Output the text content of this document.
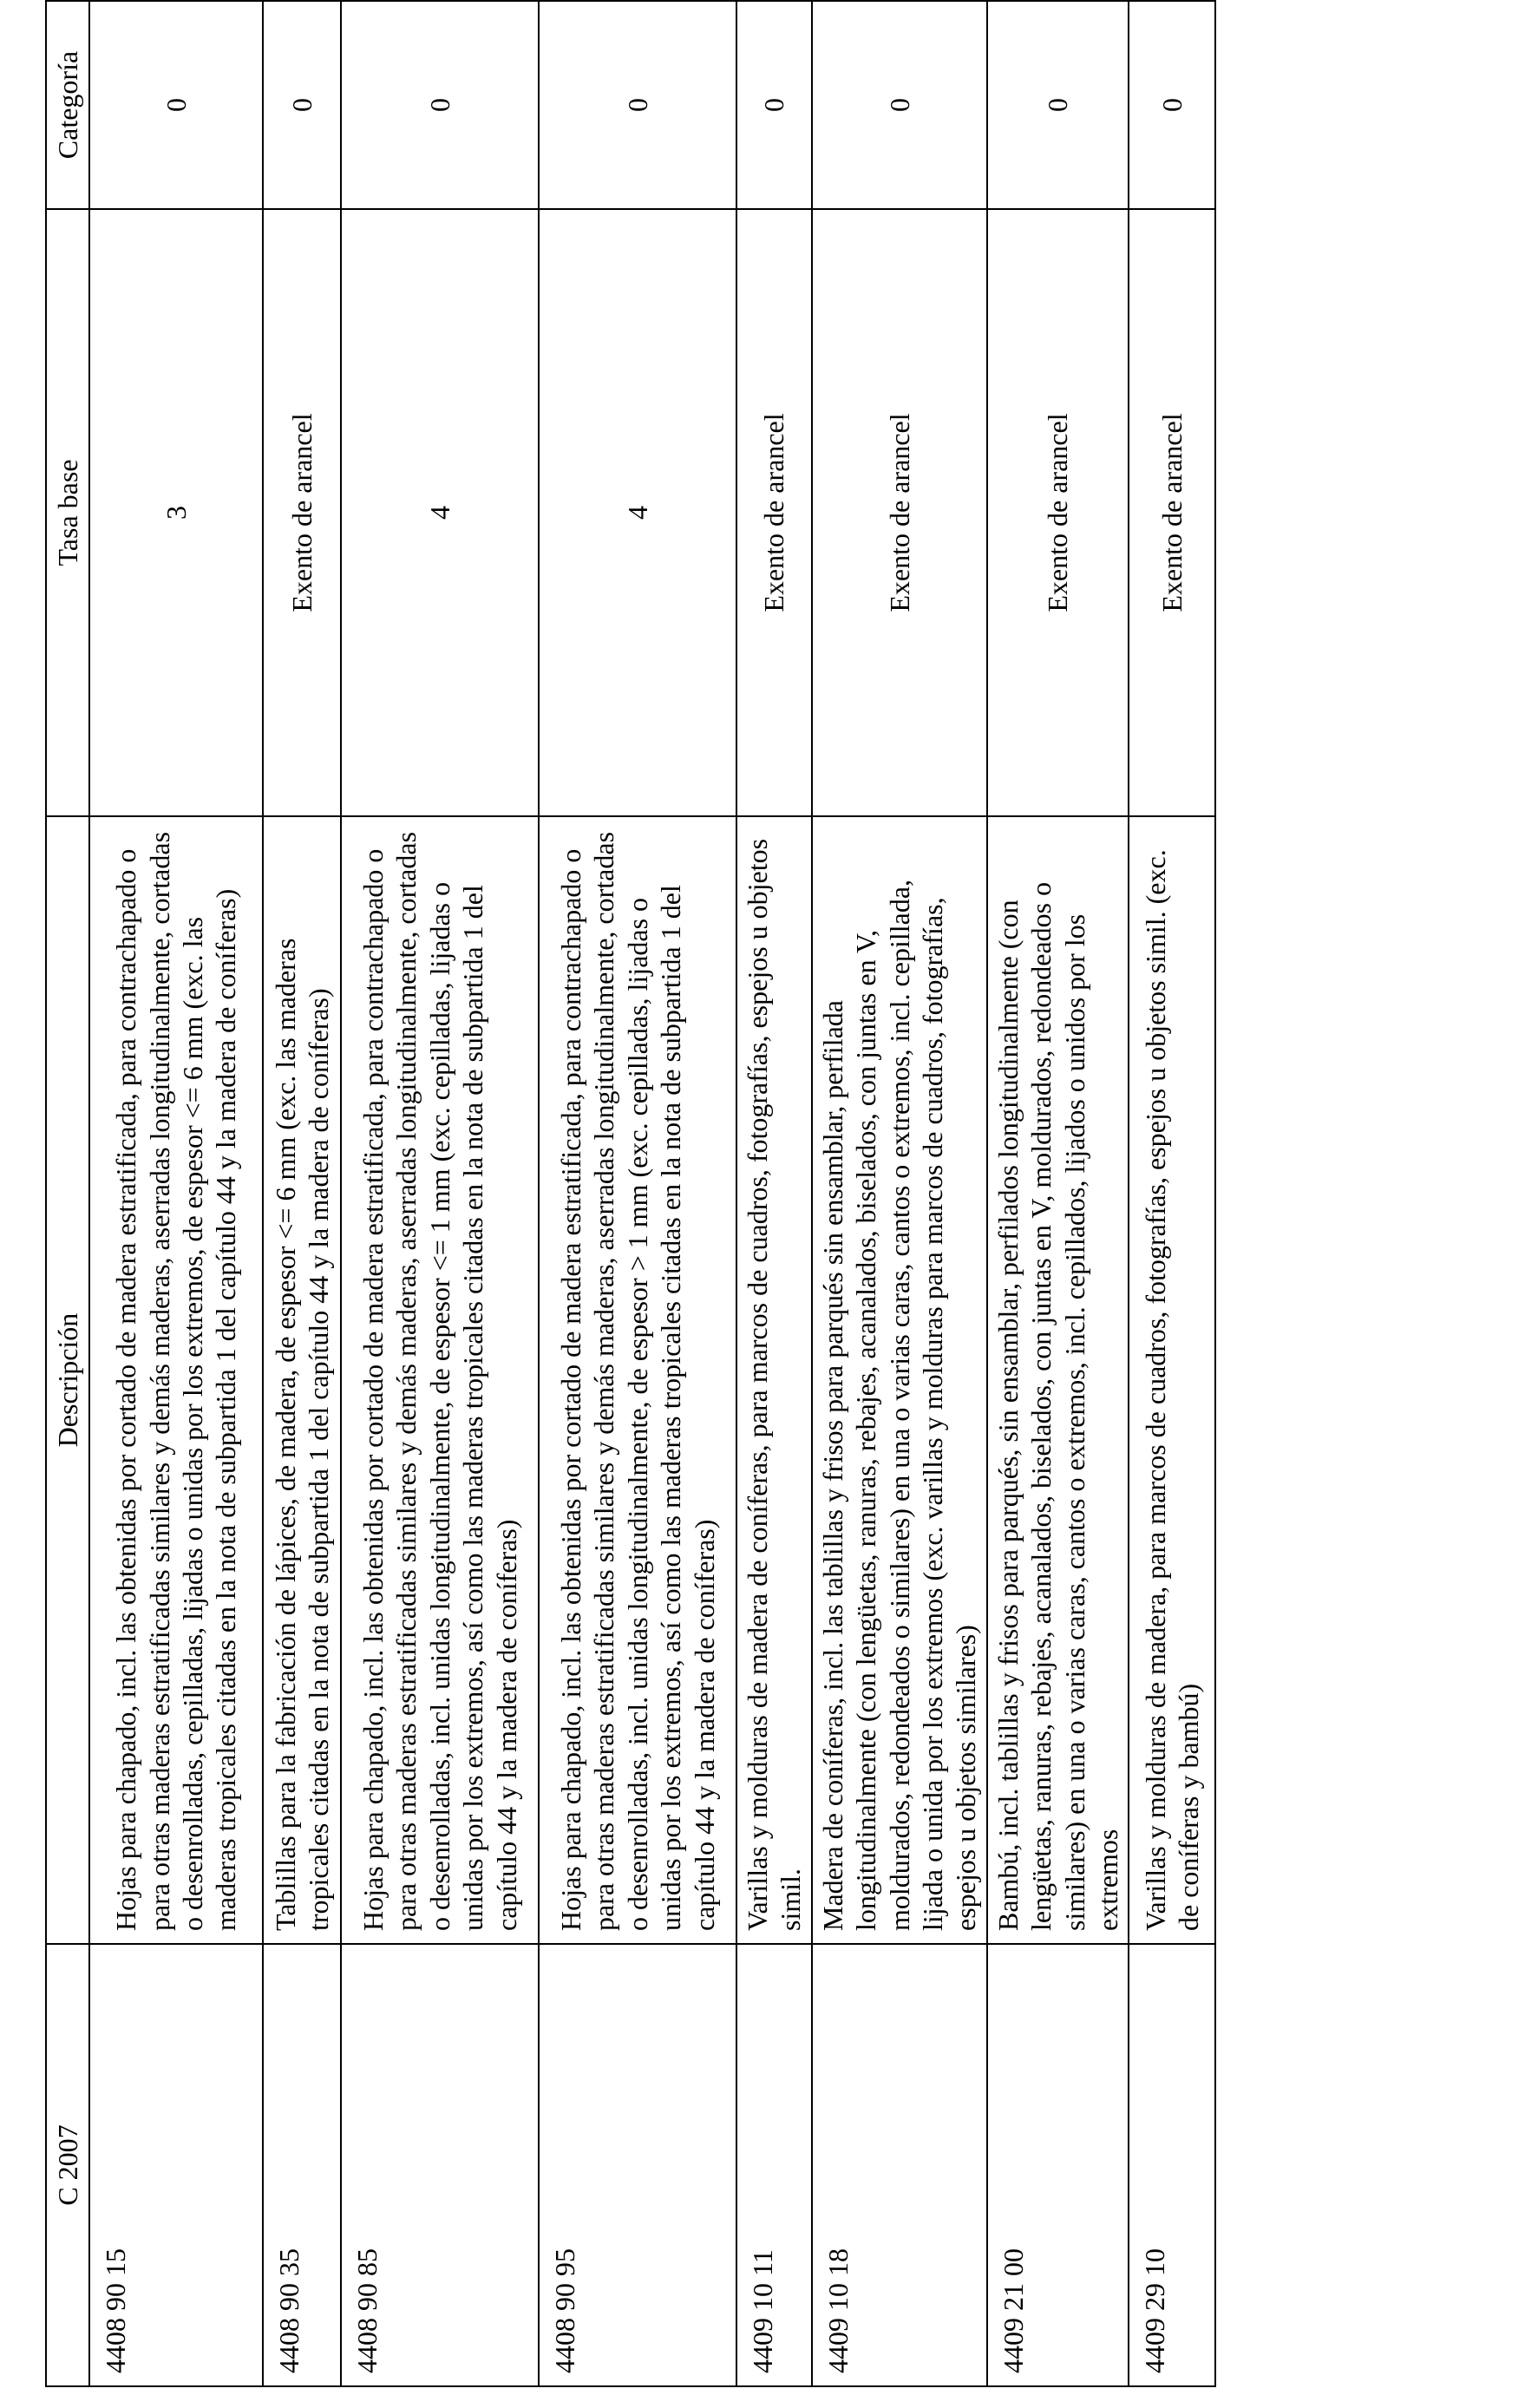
C 2007	Descripción	Tasa base	Categoría
4408 90 15	Hojas para chapado, incl. las obtenidas por cortado de madera estratificada, para contrachapado o para otras maderas estratificadas similares y demás maderas, aserradas longitudinalmente, cortadas o desenrolladas, cepilladas, lijadas o unidas por los extremos, de espesor <= 6 mm (exc. las maderas tropicales citadas en la nota de subpartida 1 del capítulo 44 y la madera de coníferas)	3	0
4408 90 35	Tablillas para la fabricación de lápices, de madera, de espesor <= 6 mm (exc. las maderas tropicales citadas en la nota de subpartida 1 del capítulo 44 y la madera de coníferas)	Exento de arancel	0
4408 90 85	Hojas para chapado, incl. las obtenidas por cortado de madera estratificada, para contrachapado o para otras maderas estratificadas similares y demás maderas, aserradas longitudinalmente, cortadas o desenrolladas, incl. unidas longitudinalmente, de espesor <= 1 mm (exc. cepilladas, lijadas o unidas por los extremos, así como las maderas tropicales citadas en la nota de subpartida 1 del capítulo 44 y la madera de coníferas)	4	0
4408 90 95	Hojas para chapado, incl. las obtenidas por cortado de madera estratificada, para contrachapado o para otras maderas estratificadas similares y demás maderas, aserradas longitudinalmente, cortadas o desenrolladas, incl. unidas longitudinalmente, de espesor > 1 mm (exc. cepilladas, lijadas o unidas por los extremos, así como las maderas tropicales citadas en la nota de subpartida 1 del capítulo 44 y la madera de coníferas)	4	0
4409 10 11	Varillas y molduras de madera de coníferas, para marcos de cuadros, fotografías, espejos u objetos simil.	Exento de arancel	0
4409 10 18	Madera de coníferas, incl. las tablillas y frisos para parqués sin ensamblar, perfilada longitudinalmente (con lengüetas, ranuras, rebajes, acanalados, biselados, con juntas en V, moldurados, redondeados o similares) en una o varias caras, cantos o extremos, incl. cepillada, lijada o unida por los extremos (exc. varillas y molduras para marcos de cuadros, fotografías, espejos u objetos similares)	Exento de arancel	0
4409 21 00	Bambú, incl. tablillas y frisos para parqués, sin ensamblar, perfilados longitudinalmente (con lengüetas, ranuras, rebajes, acanalados, biselados, con juntas en V, moldurados, redondeados o similares) en una o varias caras, cantos o extremos, incl. cepillados, lijados o unidos por los extremos	Exento de arancel	0
4409 29 10	Varillas y molduras de madera, para marcos de cuadros, fotografías, espejos u objetos simil. (exc. de coníferas y bambú)	Exento de arancel	0
